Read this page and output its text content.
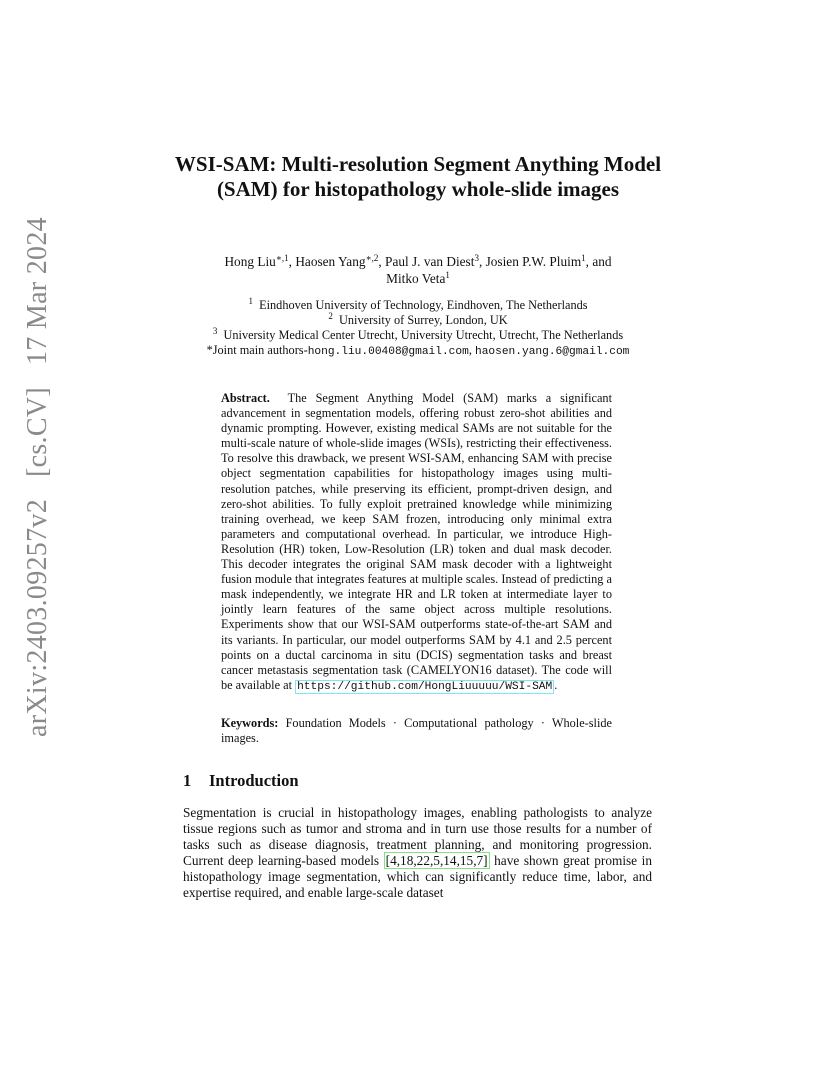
arXiv:2403.09257v2[cs.CV]17 Mar 2024
WSI-SAM: Multi-resolution Segment Anything Model (SAM) for histopathology whole-slide images
Hong Liu$^{∗,1}$, Haosen Yang$^{∗,2}$, Paul J. van Diest$^3$, Josien P.W. Pluim$^1$, and
Mitko Veta$^1$
$^1$ Eindhoven University of Technology, Eindhoven, The Netherlands
$^2$ University of Surrey, London, UK
$^3$ University Medical Center Utrecht, University Utrecht, Utrecht, The Netherlands
*Joint main authors-hong.liu.00408@gmail.com, haosen.yang.6@gmail.com
Abstract. The Segment Anything Model (SAM) marks a significant advancement in segmentation models, offering robust zero-shot abilities and dynamic prompting. However, existing medical SAMs are not suitable for the multi-scale nature of whole-slide images (WSIs), restricting their effectiveness. To resolve this drawback, we present WSI-SAM, enhancing SAM with precise object segmentation capabilities for histopathology images using multi-resolution patches, while preserving its efficient, prompt-driven design, and zero-shot abilities. To fully exploit pretrained knowledge while minimizing training overhead, we keep SAM frozen, introducing only minimal extra parameters and computational overhead. In particular, we introduce High-Resolution (HR) token, Low-Resolution (LR) token and dual mask decoder. This decoder integrates the original SAM mask decoder with a lightweight fusion module that integrates features at multiple scales. Instead of predicting a mask independently, we integrate HR and LR token at intermediate layer to jointly learn features of the same object across multiple resolutions. Experiments show that our WSI-SAM outperforms state-of-the-art SAM and its variants. In particular, our model outperforms SAM by 4.1 and 2.5 percent points on a ductal carcinoma in situ (DCIS) segmentation tasks and breast cancer metastasis segmentation task (CAMELYON16 dataset). The code will be available at https://github.com/HongLiuuuuu/WSI-SAM .
Keywords: Foundation Models · Computational pathology · Whole-slide images.
1 Introduction
Segmentation is crucial in histopathology images, enabling pathologists to analyze tissue regions such as tumor and stroma and in turn use those results for a number of tasks such as disease diagnosis, treatment planning, and monitoring progression. Current deep learning-based models [4,18,22,5,14,15,7] have shown great promise in histopathology image segmentation, which can significantly reduce time, labor, and expertise required, and enable large-scale dataset
